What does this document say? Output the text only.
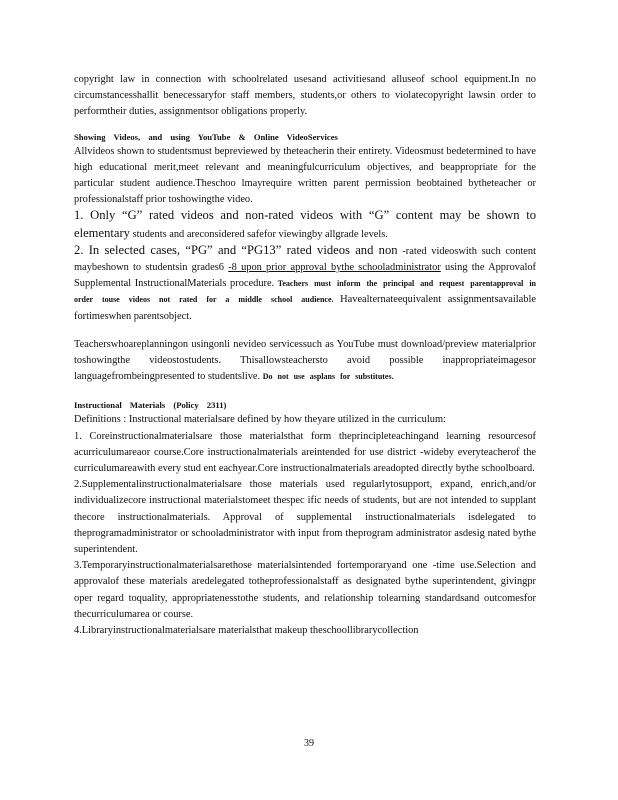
copyright law in connection with schoolrelated usesand activitiesand alluseof school equipment.In no circumstancesshallit benecessaryfor staff members, students,or others to violatecopyright lawsin order to performtheir duties, assignmentsor obligations properly.

Showing Videos, and using YouTube & Online VideoServices

Allvideos shown to studentsmust bepreviewed by theteacherin their entirety. Videosmust bedetermined to have high educational merit,meet relevant and meaningfulcurriculum objectives, and beappropriate for the particular student audience.Theschoo lmayrequire written parent permission beobtained bytheteacher or professionalstaff prior toshowingthe video.

1. Only “G” rated videos and non-rated videos with “G” content may be shown to elementary students and areconsidered safefor viewingby allgrade levels.

2. In selected cases, “PG” and “PG13” rated videos and non -rated videoswith such content maybeshown to studentsin grades6 -8 upon prior approval bythe schooladministrator using the Approvalof Supplemental InstructionalMaterials procedure. Teachers must inform the principal and request parentapproval in order touse videos not rated for a middle school audience. Havealternateequivalent assignmentsavailable fortimeswhen parentsobject.

Teacherswhoareplanningon usingonli nevideo servicessuch as YouTube must download/preview materialprior toshowingthe videostostudents. Thisallowsteachersto avoid possible inappropriateimagesor languagefrombeingpresented to studentslive. Do not use asplans for substitutes.

Instructional Materials (Policy 2311)

Definitions : Instructional materialsare defined by how theyare utilized in the curriculum:

1. Coreinstructionalmaterialsare those materialsthat form theprincipleteachingand learning resourcesof acurriculumareaor course.Core instructionalmaterials areintended for use district -wideby everyteacherof the curriculumareawith every stud ent eachyear.Core instructionalmaterials areadopted directly bythe schoolboard.

2.Supplementalinstructionalmaterialsare those materials used regularlytosupport, expand, enrich,and/or individualizecore instructional materialstomeet thespec ific needs of students, but are not intended to supplant thecore instructionalmaterials. Approval of supplemental instructionalmaterials isdelegated to theprogramadministrator or schooladministrator with input from theprogram administrator asdesig nated bythe superintendent.

3.Temporaryinstructionalmaterialsarethose materialsintended fortemporaryand one -time use.Selection and approvalof these materials aredelegated totheprofessionalstaff as designated bythe superintendent, givingpr oper regard toquality, appropriatenesstothe students, and relationship tolearning standardsand outcomesfor thecurriculumarea or course.

4.Libraryinstructionalmaterialsare materialsthat makeup theschoollibrarycollection

39
